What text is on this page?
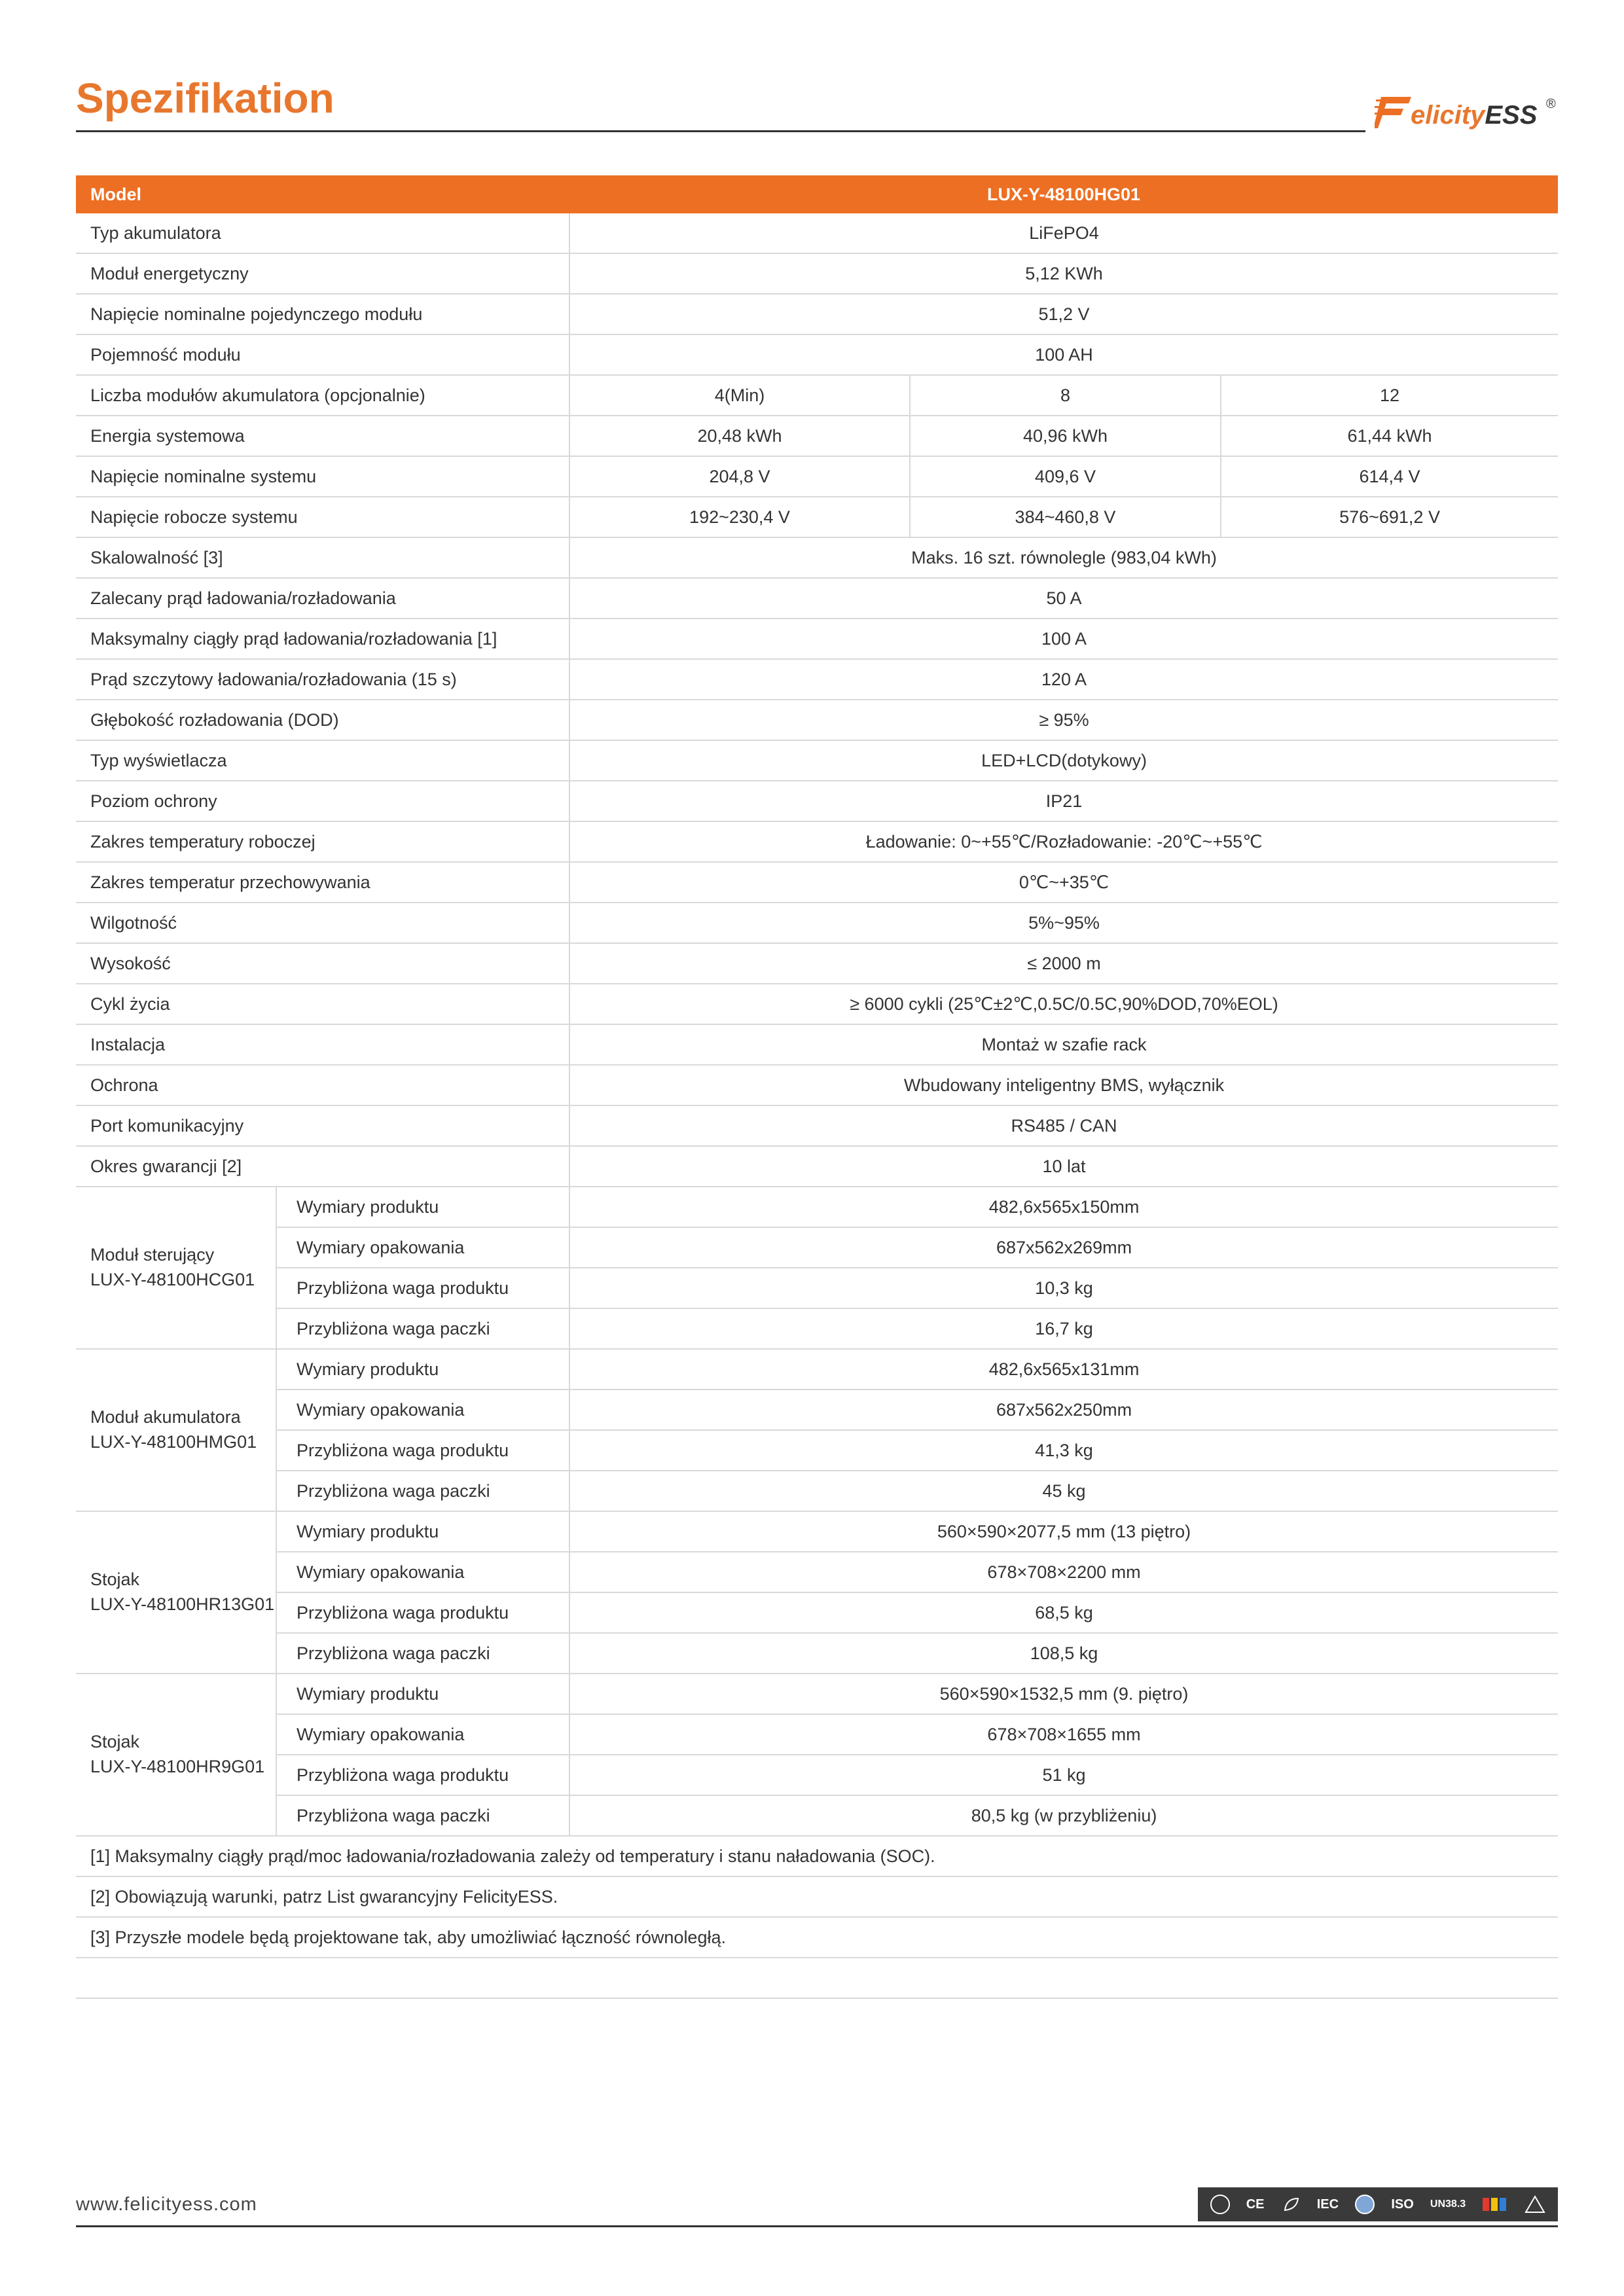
Spezifikation	elicityESS ®
Model		LUX-Y-48100HG01		
Typ akumulatora		LiFePO4		
Moduł energetyczny		5,12 KWh		
Napięcie nominalne pojedynczego modułu		51,2 V		
Pojemność modułu		100 AH		
Liczba modułów akumulatora (opcjonalnie)		4(Min)	8	12
Energia systemowa		20,48 kWh	40,96 kWh	61,44 kWh
Napięcie nominalne systemu		204,8 V	409,6 V	614,4 V
Napięcie robocze systemu		192~230,4 V	384~460,8 V	576~691,2 V
Skalowalność [3]		Maks. 16 szt. równolegle (983,04 kWh)		
Zalecany prąd ładowania/rozładowania		50 A		
Maksymalny ciągły prąd ładowania/rozładowania [1]		100 A		
Prąd szczytowy ładowania/rozładowania (15 s)		120 A		
Głębokość rozładowania (DOD)		≥ 95%		
Typ wyświetlacza		LED+LCD(dotykowy)		
Poziom ochrony		IP21		
Zakres temperatury roboczej		Ładowanie: 0~+55℃/Rozładowanie: -20℃~+55℃		
Zakres temperatur przechowywania		0℃~+35℃		
Wilgotność		5%~95%		
Wysokość		≤ 2000 m		
Cykl życia		≥ 6000 cykli (25℃±2℃,0.5C/0.5C,90%DOD,70%EOL)		
Instalacja		Montaż w szafie rack		
Ochrona		Wbudowany inteligentny BMS, wyłącznik		
Port komunikacyjny		RS485 / CAN		
Okres gwarancji [2]		10 lat		
Moduł sterujący
LUX-Y-48100HCG01	Wymiary produktu	482,6x565x150mm		
	Wymiary opakowania	687x562x269mm		
	Przybliżona waga produktu	10,3 kg		
	Przybliżona waga paczki	16,7 kg		
Moduł akumulatora
LUX-Y-48100HMG01	Wymiary produktu	482,6x565x131mm		
	Wymiary opakowania	687x562x250mm		
	Przybliżona waga produktu	41,3 kg		
	Przybliżona waga paczki	45 kg		
Stojak
LUX-Y-48100HR13G01	Wymiary produktu	560×590×2077,5 mm (13 piętro)		
	Wymiary opakowania	678×708×2200 mm		
	Przybliżona waga produktu	68,5 kg		
	Przybliżona waga paczki	108,5 kg		
Stojak
LUX-Y-48100HR9G01	Wymiary produktu	560×590×1532,5 mm (9. piętro)		
	Wymiary opakowania	678×708×1655 mm		
	Przybliżona waga produktu	51 kg		
	Przybliżona waga paczki	80,5 kg (w przybliżeniu)		
[1] Maksymalny ciągły prąd/moc ładowania/rozładowania zależy od temperatury i stanu naładowania (SOC).				
[2] Obowiązują warunki, patrz List gwarancyjny FelicityESS.				
[3] Przyszłe modele będą projektowane tak, aby umożliwiać łączność równoległą.				

www.felicityess.com	CE	IEC	ISO UN38.3
